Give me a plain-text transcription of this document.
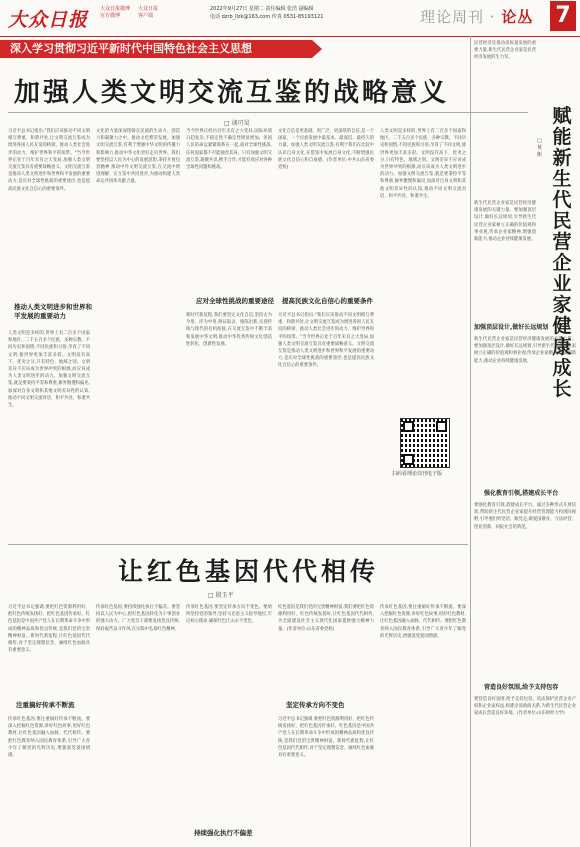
大众日报 大众日报微博
官方微博
大众日报
客户端
2022年9月27日 星期二 责任编辑 张浩 副编辑
电话 dzrb_llzk@163.com 传真 0531-85193121	理论周刊 · 论丛 7
深入学习贯彻习近平新时代中国特色社会主义思想
加强人类文明交流互鉴的战略意义
□ 谈可昊
习近平总书记指出:"我们应该推动不同文明相互尊重、和谐共处,让文明交流互鉴成为增进各国人民友谊的桥梁、推动人类社会进步的动力、维护世界和平的纽带。"当今世界正处于百年未有之大变局,加强人类文明交流互鉴具有重要战略意义。文明交流互鉴是推动人类文明进步和世界和平发展的重要动力,是应对全球性挑战的重要途径,也是提高民族文化自信心的重要条件。
推动人类文明进步和世界和平发展的重要动力
人类文明是多样的,世界上有二百多个国家和地区、二千五百多个民族、多种宗教。不同历史和国情,不同民族和习俗,孕育了不同文明,使世界更加丰富多彩。文明没有高下、优劣之分,只有特色、地域之别。文明差异不应该成为世界冲突的根源,而应该成为人类文明进步的动力。加强文明交流互鉴,就是要秉持平等和尊重,摒弃傲慢和偏见,加深对自身文明和其他文明差异性的认知,推动不同文明交流对话、和平共处、和谐共生。
文化的力量深深熔铸在民族的生命力、创造力和凝聚力之中。推动文化繁荣发展、加强文明交流互鉴,有利于增强中华文明的传播力和影响力,推动中华文化更好走向世界。我们要坚持以人民为中心的发展思想,秉持开放包容精神,推动中外文明交流互鉴,在交流中增进理解、在互鉴中共同进步,为推动构建人类命运共同体贡献力量。
当今世界正经历百年未有之大变局,国际环境日趋复杂,不稳定性不确定性明显增加。各国人民的命运紧紧联系在一起,面对全球性挑战,任何国家都不可能独善其身。只有加强文明交流互鉴,凝聚共识,携手合作,才能有效应对各种全球性问题和挑战。
应对全球性挑战的重要途径
新时代新征程,我们要坚定文化自信,坚持古为今用、洋为中用,辩证取舍、推陈出新,实现传统与现代的有机衔接,在交流互鉴中不断丰富和发展中华文明,推动中华优秀传统文化创造性转化、创新性发展。
文化自信是更基础、更广泛、更深厚的自信,是一个国家、一个民族发展中最基本、最深沉、最持久的力量。加强人类文明交流互鉴,有利于我们在比较中认识自身文化,在借鉴中发展自身文化,不断增强民族文化自信心和自豪感。(作者单位:中共山东省委党校)
提高民族文化自信心的重要条件
习近平总书记指出:"我们应该推动不同文明相互尊重、和谐共处,让文明交流互鉴成为增进各国人民友谊的桥梁、推动人类社会进步的动力、维护世界和平的纽带。"当今世界正处于百年未有之大变局,加强人类文明交流互鉴具有重要战略意义。文明交流互鉴是推动人类文明进步和世界和平发展的重要动力,是应对全球性挑战的重要途径,也是提高民族文化自信心的重要条件。
人类文明是多样的,世界上有二百多个国家和地区、二千五百多个民族、多种宗教。不同历史和国情,不同民族和习俗,孕育了不同文明,使世界更加丰富多彩。文明没有高下、优劣之分,只有特色、地域之别。文明差异不应该成为世界冲突的根源,而应该成为人类文明进步的动力。加强文明交流互鉴,就是要秉持平等和尊重,摒弃傲慢和偏见,加深对自身文明和其他文明差异性的认知,推动不同文明交流对话、和平共处、和谐共生。
扫码看理论周刊电子版
让红色基因代代相传
□ 殷玉平
习近平总书记强调,要把红色资源利用好、把红色传统发扬好、把红色基因传承好。红色基因是中国共产党人在长期革命斗争中形成的精神品质和优良传统,是我们党的宝贵精神财富。新时代新征程,让红色基因代代相传,对于坚定理想信念、赓续红色血脉具有重要意义。
注重搞好传承不断流
传承红色基因,要注重搞好传承不断流。要深入挖掘红色资源,讲好红色故事,用好红色教材,让红色基因融入血脉、代代相传。要把红色教育纳入国民教育体系,引导广大青少年了解党的光辉历史,增强爱党爱国情感。
传承红色基因,要持续强化执行不偏差。要坚持以人民为中心,把红色基因转化为干事创业的强大动力。广大党员干部要发扬优良传统,保持艰苦奋斗作风,在实践中弘扬红色精神。
传承红色基因,要坚定传承方向不变色。要始终坚持党的领导,坚持马克思主义指导地位,牢记初心使命,确保红色江山永不变色。
持续强化执行不偏差
红色基因是我们党的宝贵精神财富,我们要把红色资源利用好、红色传统发扬好,让红色基因代代相传,为全面建设社会主义现代化国家提供强大精神力量。(作者单位:山东省委党校)
坚定传承方向不变色
习近平总书记强调,要把红色资源利用好、把红色传统发扬好、把红色基因传承好。红色基因是中国共产党人在长期革命斗争中形成的精神品质和优良传统,是我们党的宝贵精神财富。新时代新征程,让红色基因代代相传,对于坚定理想信念、赓续红色血脉具有重要意义。
传承红色基因,要注重搞好传承不断流。要深入挖掘红色资源,讲好红色故事,用好红色教材,让红色基因融入血脉、代代相传。要把红色教育纳入国民教育体系,引导广大青少年了解党的光辉历史,增强爱党爱国情感。
民营经济是推动高质量发展的重要力量,新生代民营企业家是民营经济发展的生力军。
赋能新生代民营企业家健康成长
□ 黄彬
新生代民营企业家是民营经济健康发展的关键力量。要加强顶层设计,做好长远规划,引导新生代民营企业家树立正确的价值观和事业观,传承企业家精神,增强创新能力,推动企业持续健康发展。
加强顶层设计,做好长远规划
新生代民营企业家是民营经济健康发展的关键力量。要加强顶层设计,做好长远规划,引导新生代民营企业家树立正确的价值观和事业观,传承企业家精神,增强创新能力,推动企业持续健康发展。
强化教育引领,搭建成长平台
要强化教育引领,搭建成长平台。通过多种形式开展培训,帮助新生代民营企业家提升经营管理能力和国际视野,引导他们听党话、跟党走,做爱国敬业、守法经营、创业创新、回报社会的典范。
营造良好氛围,给予支持包容
要营造良好氛围,给予支持包容。依法保护民营企业产权和企业家权益,构建亲清政商关系,为新生代民营企业家成长营造良好环境。(作者单位:山东财经大学)
